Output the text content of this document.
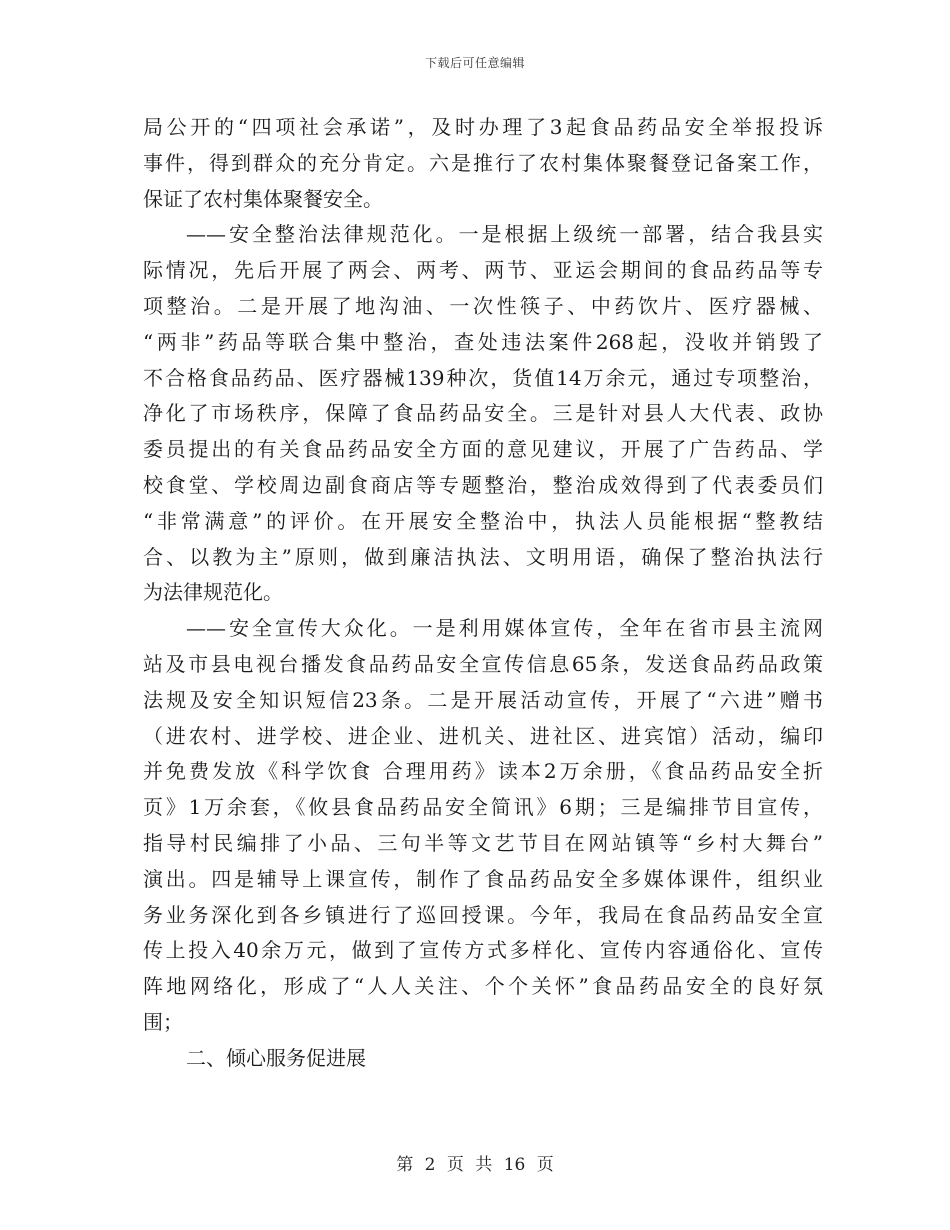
下载后可任意编辑
局公开的“四项社会承诺”，及时办理了3起食品药品安全举报投诉
事件，得到群众的充分肯定。六是推行了农村集体聚餐登记备案工作，
保证了农村集体聚餐安全。
——安全整治法律规范化。一是根据上级统一部署，结合我县实
际情况，先后开展了两会、两考、两节、亚运会期间的食品药品等专
项整治。二是开展了地沟油、一次性筷子、中药饮片、医疗器械、
“两非”药品等联合集中整治，查处违法案件268起，没收并销毁了
不合格食品药品、医疗器械139种次，货值14万余元，通过专项整治，
净化了市场秩序，保障了食品药品安全。三是针对县人大代表、政协
委员提出的有关食品药品安全方面的意见建议，开展了广告药品、学
校食堂、学校周边副食商店等专题整治，整治成效得到了代表委员们
“非常满意”的评价。在开展安全整治中，执法人员能根据“整教结
合、以教为主”原则，做到廉洁执法、文明用语，确保了整治执法行
为法律规范化。
——安全宣传大众化。一是利用媒体宣传，全年在省市县主流网
站及市县电视台播发食品药品安全宣传信息65条，发送食品药品政策
法规及安全知识短信23条。二是开展活动宣传，开展了“六进”赠书
（进农村、进学校、进企业、进机关、进社区、进宾馆）活动，编印
并免费发放《科学饮食 合理用药》读本2万余册，《食品药品安全折
页》1万余套，《攸县食品药品安全简讯》6期；三是编排节目宣传，
指导村民编排了小品、三句半等文艺节目在网站镇等“乡村大舞台”
演出。四是辅导上课宣传，制作了食品药品安全多媒体课件，组织业
务业务深化到各乡镇进行了巡回授课。今年，我局在食品药品安全宣
传上投入40余万元，做到了宣传方式多样化、宣传内容通俗化、宣传
阵地网络化，形成了“人人关注、个个关怀”食品药品安全的良好氛
围；
二、倾心服务促进展
第 2 页 共 16 页
